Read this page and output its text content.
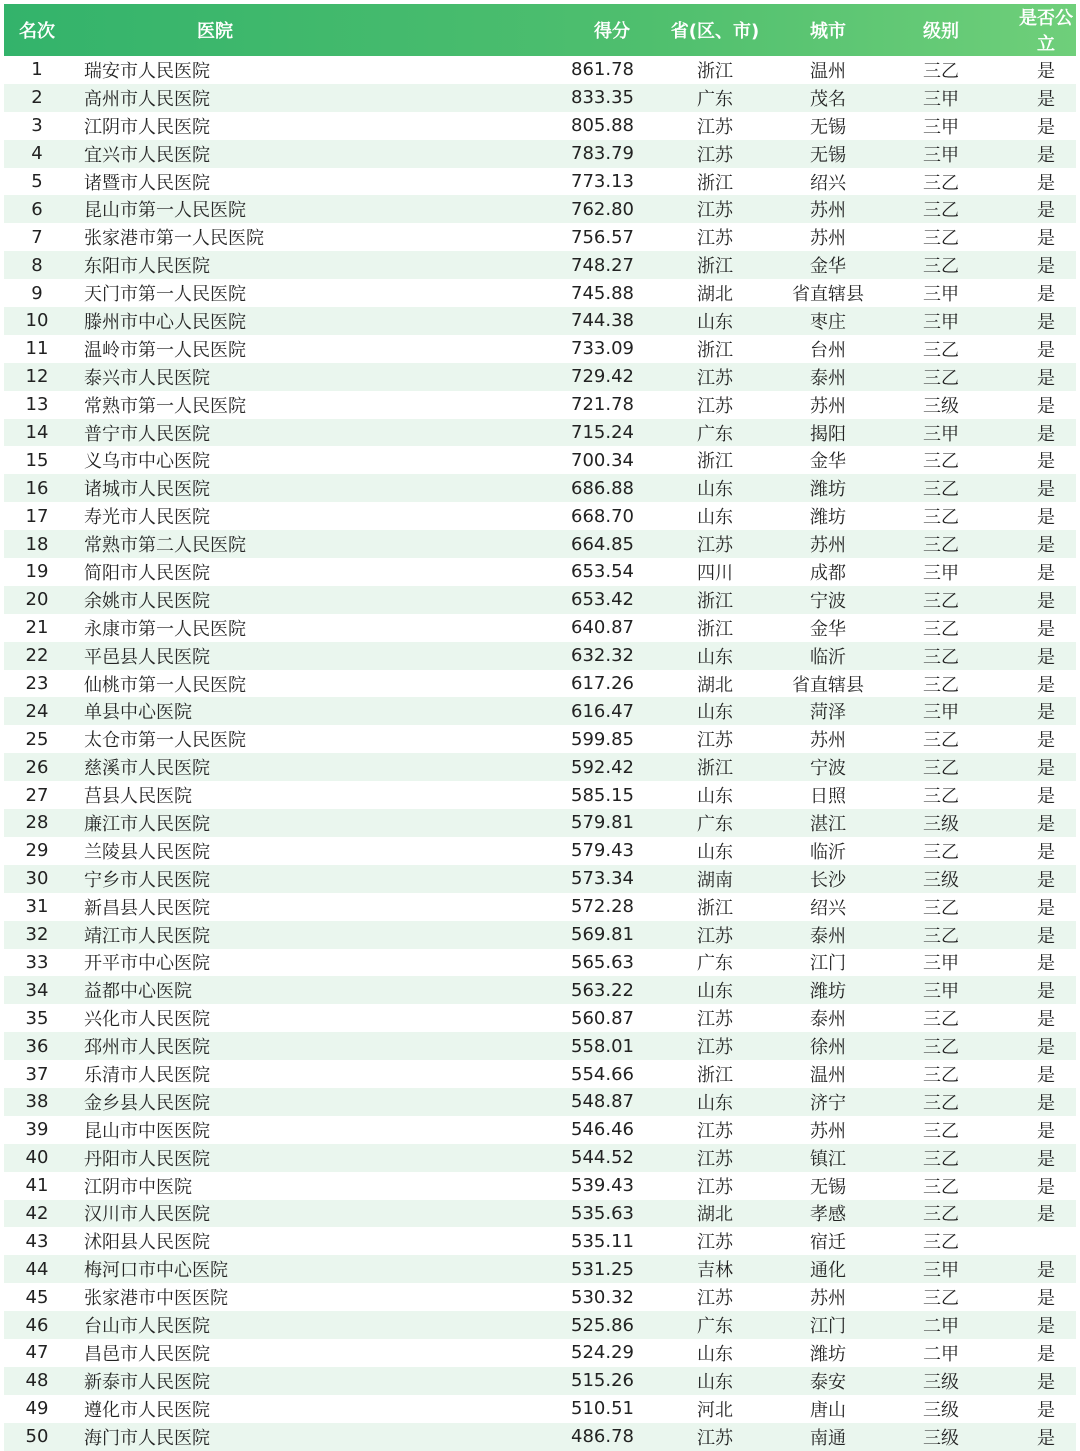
名次	医院	得分	省(区、市)	城市	级别	是否公立
1	瑞安市人民医院	861.78	浙江	温州	三乙	是
2	高州市人民医院	833.35	广东	茂名	三甲	是
3	江阴市人民医院	805.88	江苏	无锡	三甲	是
4	宜兴市人民医院	783.79	江苏	无锡	三甲	是
5	诸暨市人民医院	773.13	浙江	绍兴	三乙	是
6	昆山市第一人民医院	762.80	江苏	苏州	三乙	是
7	张家港市第一人民医院	756.57	江苏	苏州	三乙	是
8	东阳市人民医院	748.27	浙江	金华	三乙	是
9	天门市第一人民医院	745.88	湖北	省直辖县	三甲	是
10	滕州市中心人民医院	744.38	山东	枣庄	三甲	是
11	温岭市第一人民医院	733.09	浙江	台州	三乙	是
12	泰兴市人民医院	729.42	江苏	泰州	三乙	是
13	常熟市第一人民医院	721.78	江苏	苏州	三级	是
14	普宁市人民医院	715.24	广东	揭阳	三甲	是
15	义乌市中心医院	700.34	浙江	金华	三乙	是
16	诸城市人民医院	686.88	山东	潍坊	三乙	是
17	寿光市人民医院	668.70	山东	潍坊	三乙	是
18	常熟市第二人民医院	664.85	江苏	苏州	三乙	是
19	简阳市人民医院	653.54	四川	成都	三甲	是
20	余姚市人民医院	653.42	浙江	宁波	三乙	是
21	永康市第一人民医院	640.87	浙江	金华	三乙	是
22	平邑县人民医院	632.32	山东	临沂	三乙	是
23	仙桃市第一人民医院	617.26	湖北	省直辖县	三乙	是
24	单县中心医院	616.47	山东	菏泽	三甲	是
25	太仓市第一人民医院	599.85	江苏	苏州	三乙	是
26	慈溪市人民医院	592.42	浙江	宁波	三乙	是
27	莒县人民医院	585.15	山东	日照	三乙	是
28	廉江市人民医院	579.81	广东	湛江	三级	是
29	兰陵县人民医院	579.43	山东	临沂	三乙	是
30	宁乡市人民医院	573.34	湖南	长沙	三级	是
31	新昌县人民医院	572.28	浙江	绍兴	三乙	是
32	靖江市人民医院	569.81	江苏	泰州	三乙	是
33	开平市中心医院	565.63	广东	江门	三甲	是
34	益都中心医院	563.22	山东	潍坊	三甲	是
35	兴化市人民医院	560.87	江苏	泰州	三乙	是
36	邳州市人民医院	558.01	江苏	徐州	三乙	是
37	乐清市人民医院	554.66	浙江	温州	三乙	是
38	金乡县人民医院	548.87	山东	济宁	三乙	是
39	昆山市中医医院	546.46	江苏	苏州	三乙	是
40	丹阳市人民医院	544.52	江苏	镇江	三乙	是
41	江阴市中医院	539.43	江苏	无锡	三乙	是
42	汉川市人民医院	535.63	湖北	孝感	三乙	是
43	沭阳县人民医院	535.11	江苏	宿迁	三乙	
44	梅河口市中心医院	531.25	吉林	通化	三甲	是
45	张家港市中医医院	530.32	江苏	苏州	三乙	是
46	台山市人民医院	525.86	广东	江门	二甲	是
47	昌邑市人民医院	524.29	山东	潍坊	二甲	是
48	新泰市人民医院	515.26	山东	泰安	三级	是
49	遵化市人民医院	510.51	河北	唐山	三级	是
50	海门市人民医院	486.78	江苏	南通	三级	是
